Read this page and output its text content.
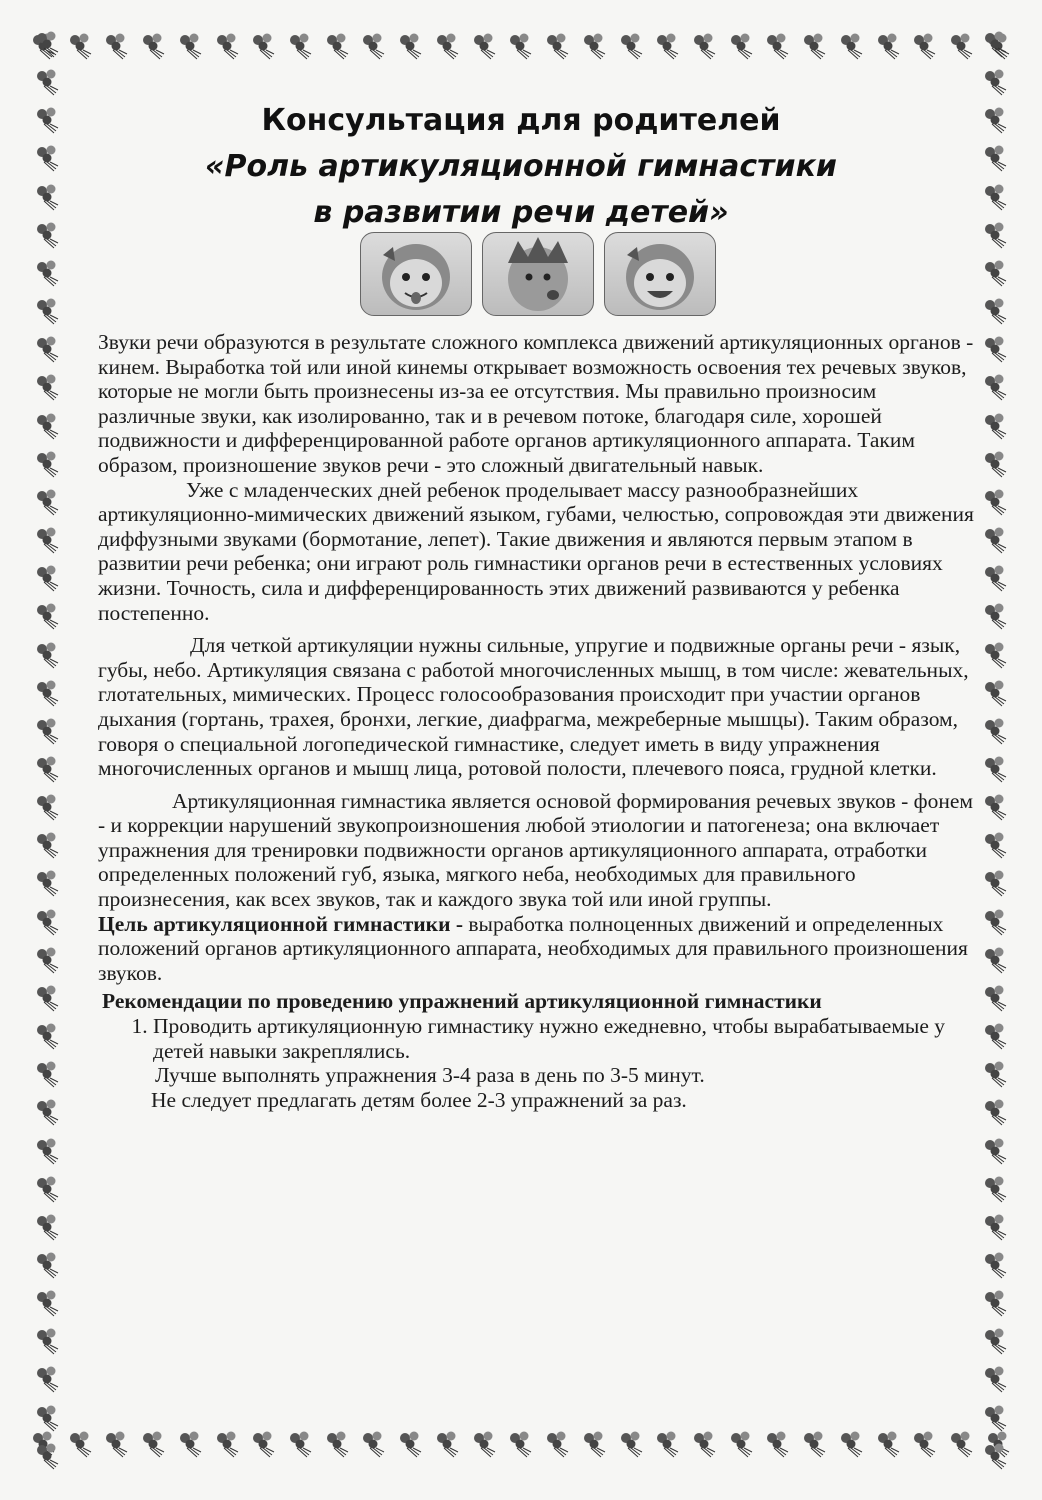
Консультация для родителей
«Роль артикуляционной гимнастики
в развитии речи детей»

Звуки речи образуются в результате сложного комплекса движений артикуляционных органов - кинем. Выработка той или иной кинемы открывает возможность освоения тех речевых звуков, которые не могли быть произнесены из-за ее отсутствия. Мы правильно произносим различные звуки, как изолированно, так и в речевом потоке, благодаря силе, хорошей подвижности и дифференцированной работе органов артикуляционного аппарата. Таким образом, произношение звуков речи - это сложный двигательный навык.

Уже с младенческих дней ребенок проделывает массу разнообразнейших артикуляционно-мимических движений языком, губами, челюстью, сопровождая эти движения диффузными звуками (бормотание, лепет). Такие движения и являются первым этапом в развитии речи ребенка; они играют роль гимнастики органов речи в естественных условиях жизни. Точность, сила и дифференцированность этих движений развиваются у ребенка постепенно.

Для четкой артикуляции нужны сильные, упругие и подвижные органы речи - язык, губы, небо. Артикуляция связана с работой многочисленных мышц, в том числе: жевательных, глотательных, мимических. Процесс голосообразования происходит при участии органов дыхания (гортань, трахея, бронхи, легкие, диафрагма, межреберные мышцы). Таким образом, говоря о специальной логопедической гимнастике, следует иметь в виду упражнения многочисленных органов и мышц лица, ротовой полости, плечевого пояса, грудной клетки.

Артикуляционная гимнастика является основой формирования речевых звуков - фонем - и коррекции нарушений звукопроизношения любой этиологии и патогенеза; она включает упражнения для тренировки подвижности органов артикуляционного аппарата, отработки определенных положений губ, языка, мягкого неба, необходимых для правильного произнесения, как всех звуков, так и каждого звука той или иной группы.

Цель артикуляционной гимнастики - выработка полноценных движений и определенных положений органов артикуляционного аппарата, необходимых для правильного произношения звуков.

Рекомендации по проведению упражнений артикуляционной гимнастики
1. Проводить артикуляционную гимнастику нужно ежедневно, чтобы вырабатываемые у детей навыки закреплялись.

Лучше выполнять упражнения 3-4 раза в день по 3-5 минут.

Не следует предлагать детям более 2-3 упражнений за раз.
